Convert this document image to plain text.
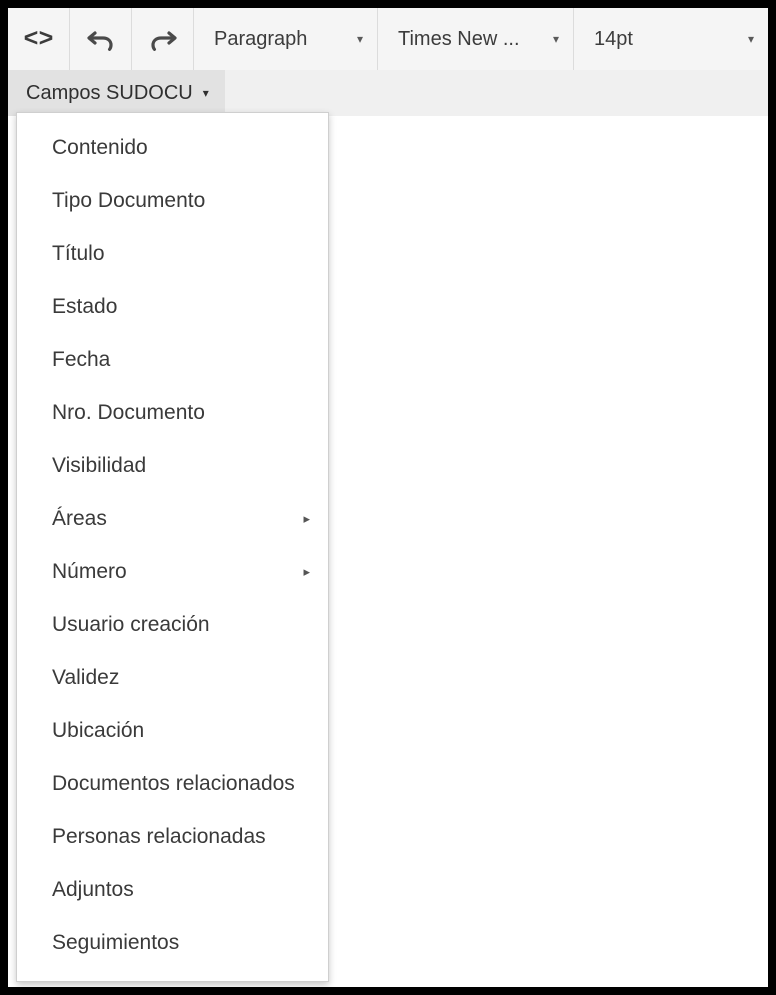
<>	Paragraph	▾ Times New ...	▾ 14pt	▾
Campos SUDOCU ▾
Contenido
Tipo Documento
Título
Estado
Fecha
Nro. Documento
Visibilidad
Áreas	▸
Número	▸
Usuario creación
Validez
Ubicación
Documentos relacionados
Personas relacionadas
Adjuntos
Seguimientos
